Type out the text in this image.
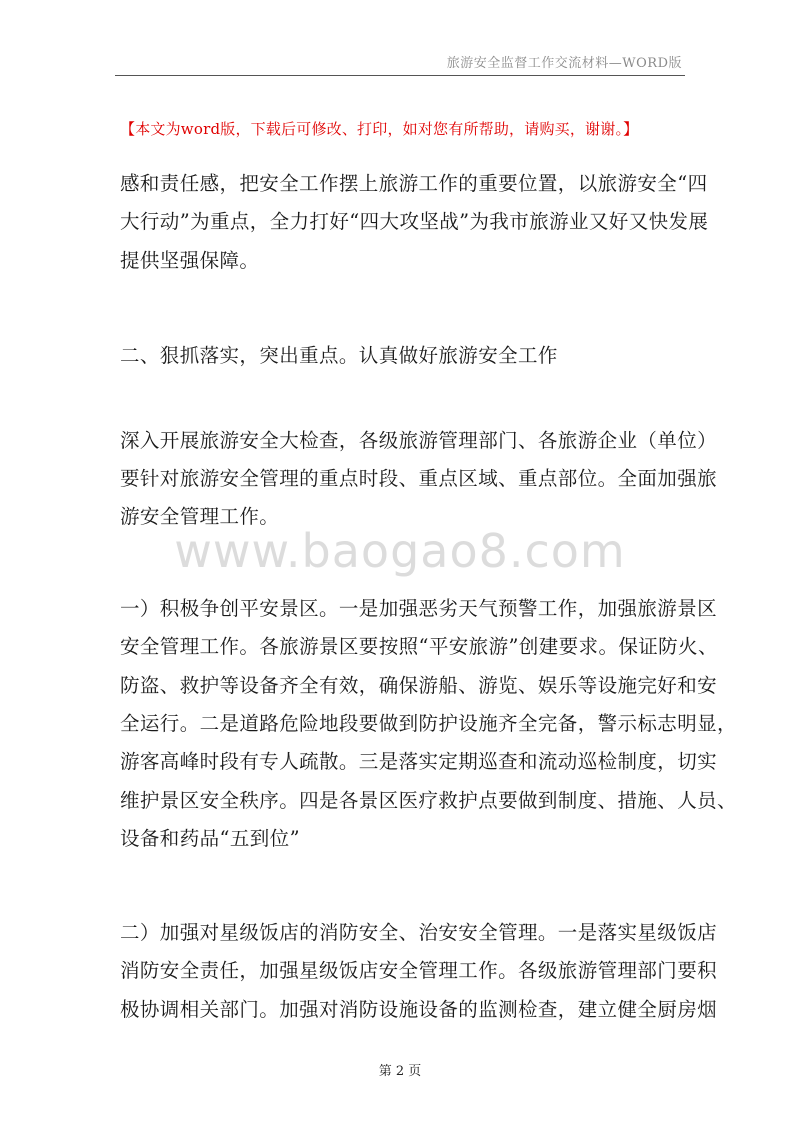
旅游安全监督工作交流材料—WORD版
【本文为word版，下载后可修改、打印，如对您有所帮助，请购买，谢谢。】
感和责任感，把安全工作摆上旅游工作的重要位置，以旅游安全“四
大行动”为重点，全力打好“四大攻坚战”为我市旅游业又好又快发展
提供坚强保障。
二、狠抓落实，突出重点。认真做好旅游安全工作
深入开展旅游安全大检查，各级旅游管理部门、各旅游企业（单位）
要针对旅游安全管理的重点时段、重点区域、重点部位。全面加强旅
游安全管理工作。
一）积极争创平安景区。一是加强恶劣天气预警工作，加强旅游景区
安全管理工作。各旅游景区要按照“平安旅游”创建要求。保证防火、
防盗、救护等设备齐全有效，确保游船、游览、娱乐等设施完好和安
全运行。二是道路危险地段要做到防护设施齐全完备，警示标志明显，
游客高峰时段有专人疏散。三是落实定期巡查和流动巡检制度，切实
维护景区安全秩序。四是各景区医疗救护点要做到制度、措施、人员、
设备和药品“五到位”
二）加强对星级饭店的消防安全、治安安全管理。一是落实星级饭店
消防安全责任，加强星级饭店安全管理工作。各级旅游管理部门要积
极协调相关部门。加强对消防设施设备的监测检查，建立健全厨房烟
www.baogao8.com
第 2 页
